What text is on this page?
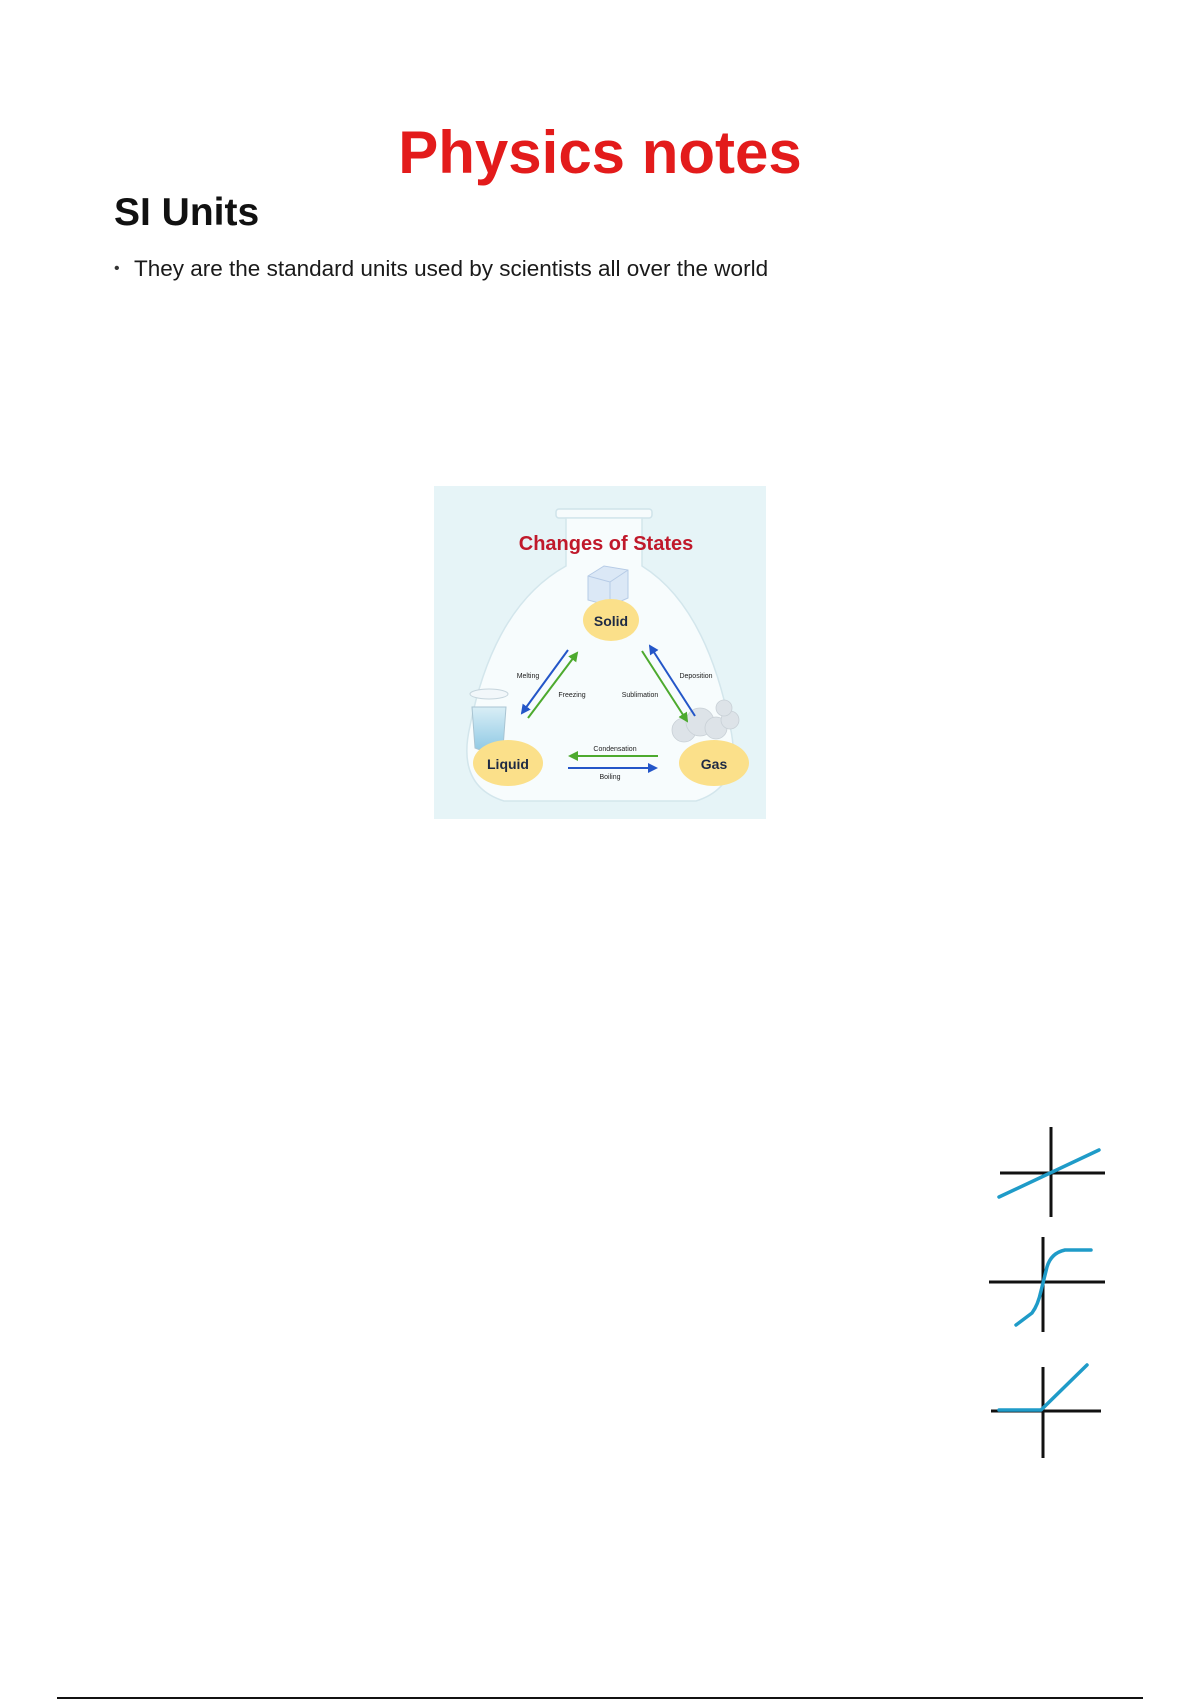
Physics notes
SI Units
• They are the standard units used by scientists all over the world
Changes of States
Solid
Liquid	Gas
Melting
Freezing	Sublimation
Deposition
Condensation
Boiling
